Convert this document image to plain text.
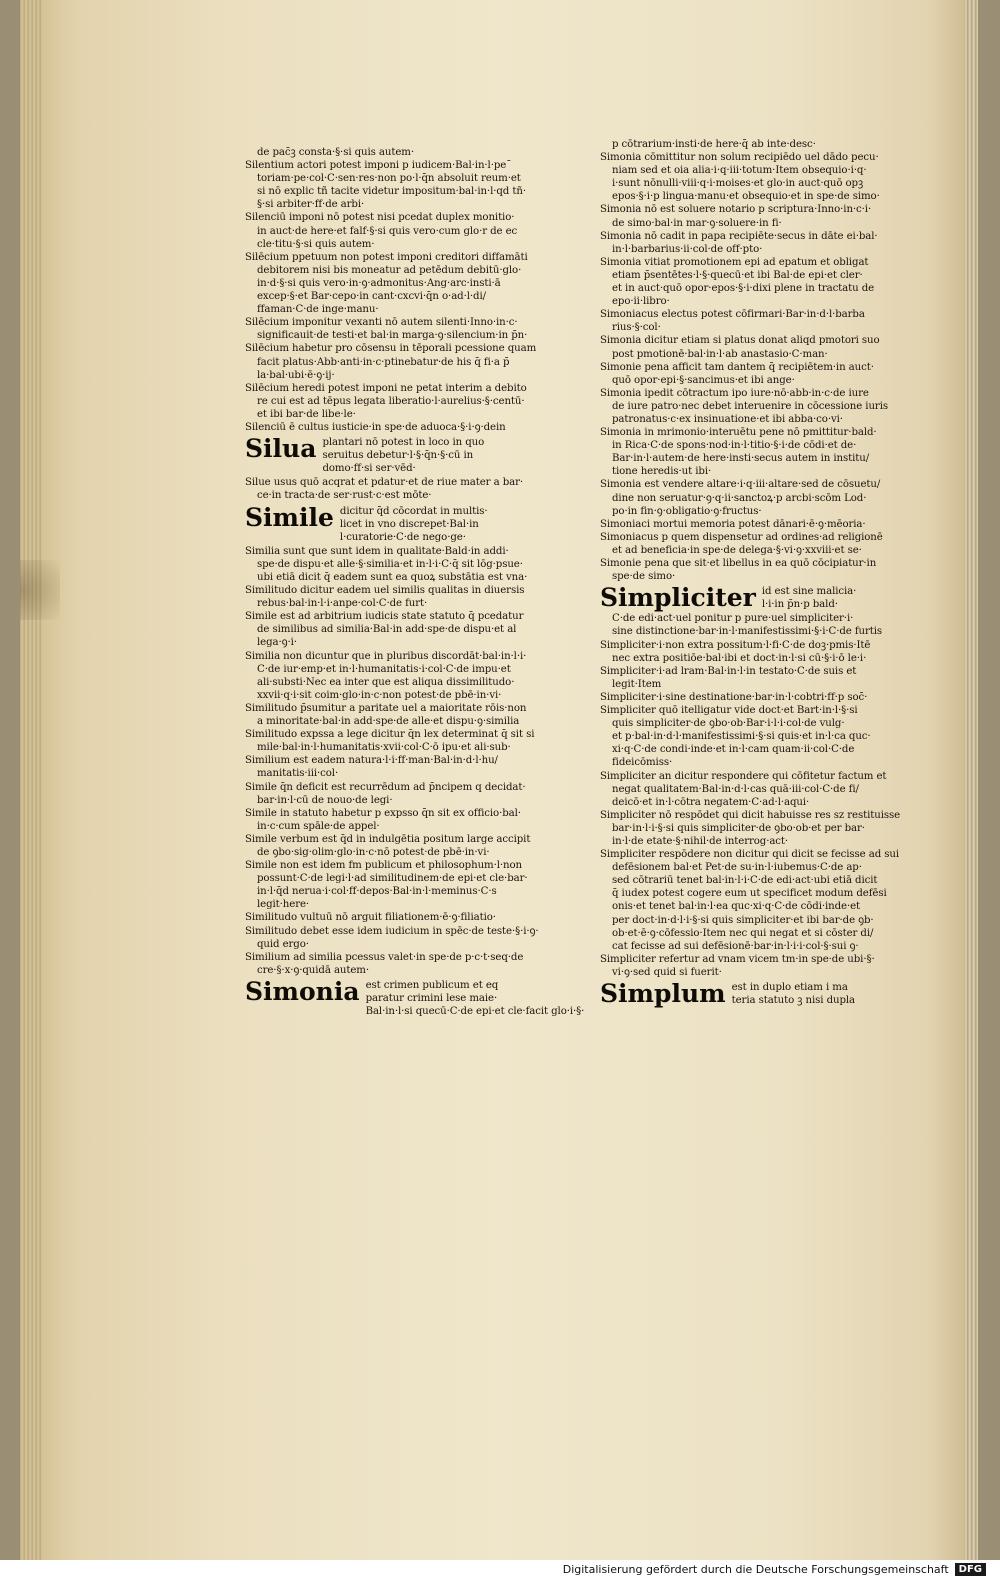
de pac̄ꝫ consta·§·si quis autem·

Silentium actori potest imponi p iudicem·Bal·in·l·pe¯

toriam·pe·col·C·sen·res·non po·l·q̄n absoluit reum·et

si nō explic tñ tacite videtur impositum·bal·in·l·qd tñ·

§·si arbiter·ff·de arbi·

Silenciū imponi nō potest nisi pcedat duplex monitio·

in auct·de here·et falf·§·si quis vero·cum glo·r de ec

cle·titu·§·si quis autem·

Silēcium ppetuum non potest imponi creditori diffamāti

debitorem nisi bis moneatur ad petēdum debitū·glo·

in·d·§·si quis vero·in·ꝯ·admonitus·Ang·arc·insti·ā

excep·§·et Bar·cepo·in cant·cxcvi·q̄n o·ad·l·di/

ffaman·C·de inge·manu·

Silēcium imponitur vexanti nō autem silenti·Inno·in·c·

significauit·de testi·et bal·in marga·ꝯ·silencium·in p̄n·

Silēcium habetur pro cōsensu in tēporali pcessione quam

facit platus·Abb·anti·in·c·ptinebatur·de his q̄ fi·a p̄

la·bal·ubi·ē·ꝯ·ij·

Silēcium heredi potest imponi ne petat interim a debito

re cui est ad tēpus legata liberatio·l·aurelius·§·centū·

et ibi bar·de libe·le·

Silenciū ē cultus iusticie·in spe·de aduoca·§·i·ꝯ·dein

Silua plantari nō potest in loco in quo

seruitus debetur·l·§·q̄n·§·cū in

domo·ff·si ser·vēd·

Silue usus quō acqrat̄ et pdatur·et de riue mater a bar·

ce·in tracta·de ser·rust·c·est mōte·

Simile dicitur q̄d cōcordat in multis·

licet in vno discrepet·Bal·in

l·curatorie·C·de nego·ge·

Similia sunt que sunt idem in qualitate·Bald·in addi·

spe·de dispu·et alle·§·similia·et in·l·i·C·q̄ sit lōg·psue·

ubi etiā dicit q̄ eadem sunt ea quoꝝ substātia est vna·

Similitudo dicitur eadem uel similis qualitas in diuersis

rebus·bal·in·l·i·anpe·col·C·de furt·

Simile est ad arbitrium iudicis state statuto q̄ pcedatur

de similibus ad similia·Bal·in add·spe·de dispu·et al

lega·ꝯ·i·

Similia non dicuntur que in pluribus discordāt·bal·in·l·i·

C·de iur·emp·et in·l·humanitatis·i·col·C·de impu·et

ali·substi·Nec ea inter que est aliqua dissimilitudo·

xxvii·q·i·sit coim·glo·in·c·non potest·de pbē·in·vi·

Similitudo p̄sumitur a paritate uel a maioritate rōis·non

a minoritate·bal·in add·spe·de alle·et dispu·ꝯ·similia

Similitudo expssa a lege dicitur q̄n lex determinat q̄ sit si

mile·bal·in·l·humanitatis·xvii·col·C·ō ipu·et ali·sub·

Similium est eadem natura·l·i·ff·man·Bal·in·d·l·hu/

manitatis·iii·col·

Simile q̄n deficit est recurrēdum ad p̄ncipem q decidat·

bar·in·l·cū de nouo·de legi·

Simile in statuto habetur p expsso q̄n sit ex officio·bal·

in·c·cum spāle·de appel·

Simile verbum est q̄d in indulgētia positum large accipit

de ꝯbo·sig·olim·glo·in·c·nō potest·de pbē·in·vi·

Simile non est idem fm publicum et philosophum·l·non

possunt·C·de legi·l·ad similitudinem·de epi·et cle·bar·

in·l·q̄d nerua·i·col·ff·depos·Bal·in·l·meminus·C·s

legit·here·

Similitudo vultuū nō arguit filiationem·ē·ꝯ·filiatio·

Similitudo debet esse idem iudicium in spēc·de teste·§·i·ꝯ·

quid ergo·

Similium ad similia pcessus valet·in spe·de p·c·t·seq·de

cre·§·x·ꝯ·quidā autem·

Simonia est crimen publicum et eq

paratur crimini lese maie·

Bal·in·l·si quecū·C·de epi·et cle·facit glo·i·§·

p cōtrarium·insti·de here·q̄ ab inte·desc·

Simonia cōmittitur non solum recipiēdo uel dādo pecu·

niam sed et oia alia·i·q·iii·totum·Item obsequio·i·q·

i·sunt nōnulli·viii·q·i·moises·et glo·in auct·quō opꝫ

epos·§·i·p lingua·manu·et obsequio·et in spe·de simo·

Simonia nō est soluere notario p scriptura·Inno·in·c·i·

de simo·bal·in mar·ꝯ·soluere·in fi·

Simonia nō cadit in papa recipiēte·secus in dāte ei·bal·

in·l·barbarius·ii·col·de off·pto·

Simonia vitiat promotionem epi ad epatum et obligat

etiam p̄sentētes·l·§·quecū·et ibi Bal·de epi·et cler·

et in auct·quō opor·epos·§·i·dixi plene in tractatu de

epo·ii·libro·

Simoniacus electus potest cōfirmari·Bar·in·d·l·barba

rius·§·col·

Simonia dicitur etiam si platus donat aliqd pmotori suo

post pmotionē·bal·in·l·ab anastasio·C·man·

Simonie pena afficit tam dantem q̄ recipiētem·in auct·

quō opor·epi·§·sancimus·et ibi ange·

Simonia ipedit cōtractum ipo iure·nō·abb·in·c·de iure

de iure patro·nec debet interuenire in cōcessione iuris

patronatus·c·ex insinuatione·et ibi abba·co·vi·

Simonia in mrimonio·interuētu pene nō pmittitur·bald·

in Rica·C·de spons·nod·in·l·titio·§·i·de cōdi·et de·

Bar·in·l·autem·de here·insti·secus autem in institu/

tione heredis·ut ibi·

Simonia est vendere altare·i·q·iii·altare·sed de cōsuetu/

dine non seruatur·ꝯ·q·ii·sanctoꝝ·p arcbi·scōm Lod·

po·in fin·ꝯ·obligatio·ꝯ·fructus·

Simoniaci mortui memoria potest dānari·ē·ꝯ·mēoria·

Simoniacus p quem dispensetur ad ordines·ad religionē

et ad beneficia·in spe·de delega·§·vi·ꝯ·xxviii·et se·

Simonie pena que sit·et libellus in ea quō cōcipiatur·in

spe·de simo·

Simpliciter id est sine malicia·

l·i·in p̄n·p bald·

C·de edi·act·uel ponitur p pure·uel simpliciter·i·

sine distinctione·bar·in·l·manifestissimi·§·i·C·de furtis

Simpliciter·i·non extra possitum·l·fi·C·de doꝫ·pmis·Itē

nec extra positiōe·bal·ibi et doct·in·l·si cū·§·i·ō le·i·

Simpliciter·i·ad lram·Bal·in·l·in testato·C·de suis et

legit·Item

Simpliciter·i·sine destinatione·bar·in·l·cobtri·ff·p soc̄·

Simpliciter quō itelligatur vide doct·et Bart·in·l·§·si

quis simpliciter·de ꝯbo·ob·Bar·i·l·i·col·de vulg·

et p·bal·in·d·l·manifestissimi·§·si quis·et in·l·ca quc·

xi·q·C·de condi·inde·et in·l·cam quam·ii·col·C·de

fideicōmiss·

Simpliciter an dicitur respondere qui cōfitetur factum et

negat qualitatem·Bal·in·d·l·cas quā·iii·col·C·de fi/

deicō·et in·l·cōtra negatem·C·ad·l·aqui·

Simpliciter nō respōdet qui dicit habuisse res sz restituisse

bar·in·l·i·§·si quis simpliciter·de ꝯbo·ob·et per bar·

in·l·de etate·§·nihil·de interrog·act·

Simpliciter respōdere non dicitur qui dicit se fecisse ad sui

defēsionem bal·et Pet·de su·in·l·iubemus·C·de ap·

sed cōtrariū tenet bal·in·l·i·C·de edi·act·ubi etiā dicit

q̄ iudex potest cogere eum ut specificet modum defēsi

onis·et tenet bal·in·l·ea quc·xi·q·C·de cōdi·inde·et

per doct·in·d·l·i·§·si quis simpliciter·et ibi bar·de ꝯb·

ob·et·ē·ꝯ·cōfessio·Item nec qui negat et si cōster di/

cat fecisse ad sui defēsionē·bar·in·l·i·i·col·§·sui ꝯ·

Simpliciter refertur ad vnam vicem tm·in spe·de ubi·§·

vi·ꝯ·sed quid si fuerit·

Simplum est in duplo etiam i ma

teria statuto ꝫ nisi dupla

Digitalisierung gefördert durch die Deutsche Forschungsgemeinschaft	DFG
